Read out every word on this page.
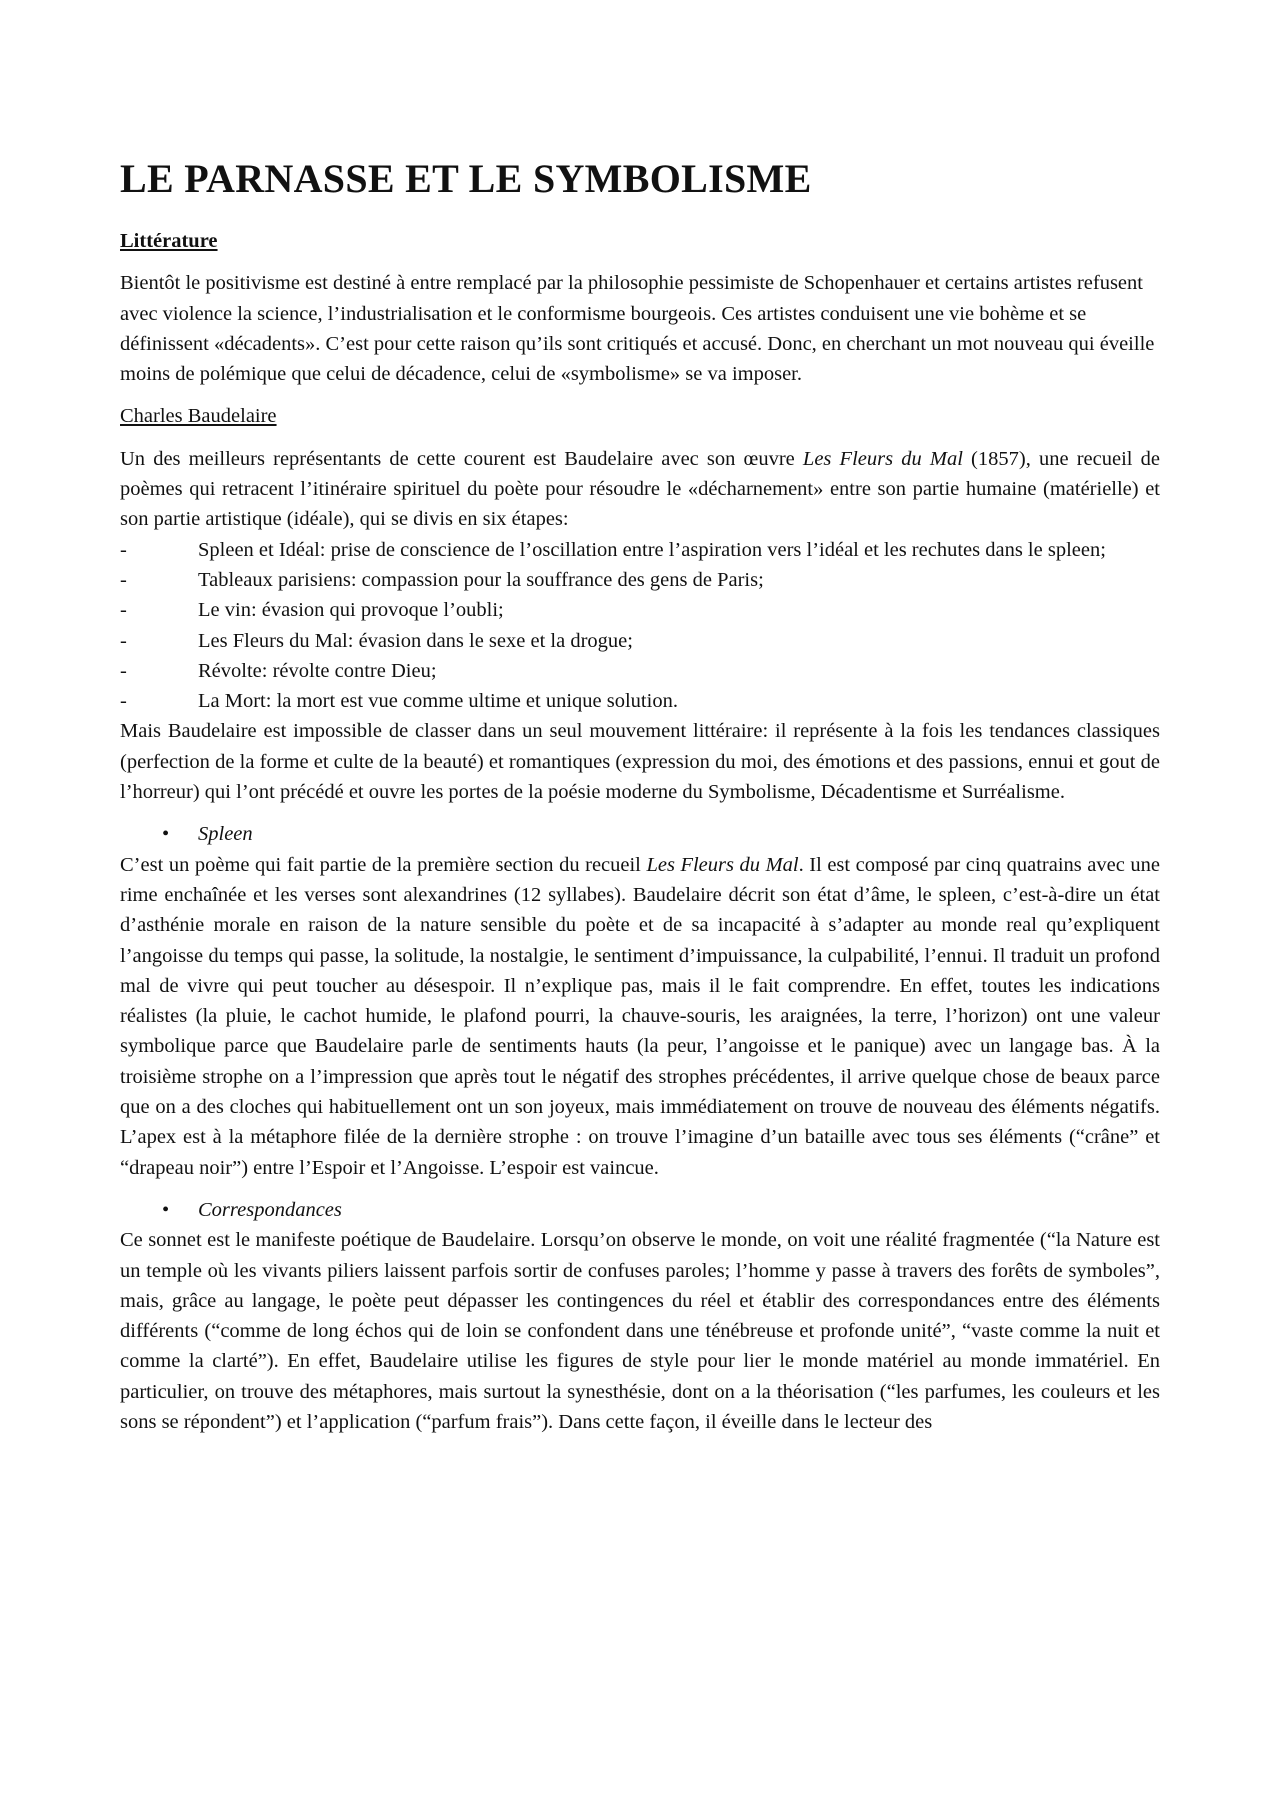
LE PARNASSE ET LE SYMBOLISME
Littérature

Bientôt le positivisme est destiné à entre remplacé par la philosophie pessimiste de Schopenhauer et certains artistes refusent avec violence la science, l’industrialisation et le conformisme bourgeois. Ces artistes conduisent une vie bohème et se définissent «décadents». C’est pour cette raison qu’ils sont critiqués et accusé. Donc, en cherchant un mot nouveau qui éveille moins de polémique que celui de décadence, celui de «symbolisme» se va imposer.

Charles Baudelaire

Un des meilleurs représentants de cette courent est Baudelaire avec son œuvre Les Fleurs du Mal (1857), une recueil de poèmes qui retracent l’itinéraire spirituel du poète pour résoudre le «décharnement» entre son partie humaine (matérielle) et son partie artistique (idéale), qui se divis en six étapes:

-	Spleen et Idéal: prise de conscience de l’oscillation entre l’aspiration vers l’idéal et les rechutes dans le spleen;
-	Tableaux parisiens: compassion pour la souffrance des gens de Paris;
-	Le vin: évasion qui provoque l’oubli;
-	Les Fleurs du Mal: évasion dans le sexe et la drogue;
-	Révolte: révolte contre Dieu;
-	La Mort: la mort est vue comme ultime et unique solution.

Mais Baudelaire est impossible de classer dans un seul mouvement littéraire: il représente à la fois les tendances classiques (perfection de la forme et culte de la beauté) et romantiques (expression du moi, des émotions et des passions, ennui et gout de l’horreur) qui l’ont précédé et ouvre les portes de la poésie moderne du Symbolisme, Décadentisme et Surréalisme.

•	Spleen

C’est un poème qui fait partie de la première section du recueil Les Fleurs du Mal. Il est composé par cinq quatrains avec une rime enchaînée et les verses sont alexandrines (12 syllabes). Baudelaire décrit son état d’âme, le spleen, c’est-à-dire un état d’asthénie morale en raison de la nature sensible du poète et de sa incapacité à s’adapter au monde real qu’expliquent l’angoisse du temps qui passe, la solitude, la nostalgie, le sentiment d’impuissance, la culpabilité, l’ennui. Il traduit un profond mal de vivre qui peut toucher au désespoir. Il n’explique pas, mais il le fait comprendre. En effet, toutes les indications réalistes (la pluie, le cachot humide, le plafond pourri, la chauve-souris, les araignées, la terre, l’horizon) ont une valeur symbolique parce que Baudelaire parle de sentiments hauts (la peur, l’angoisse et le panique) avec un langage bas. À la troisième strophe on a l’impression que après tout le négatif des strophes précédentes, il arrive quelque chose de beaux parce que on a des cloches qui habituellement ont un son joyeux, mais immédiatement on trouve de nouveau des éléments négatifs. L’apex est à la métaphore filée de la dernière strophe : on trouve l’imagine d’un bataille avec tous ses éléments (“crâne” et “drapeau noir”) entre l’Espoir et l’Angoisse. L’espoir est vaincue.

•	Correspondances

Ce sonnet est le manifeste poétique de Baudelaire. Lorsqu’on observe le monde, on voit une réalité fragmentée (“la Nature est un temple où les vivants piliers laissent parfois sortir de confuses paroles; l’homme y passe à travers des forêts de symboles”, mais, grâce au langage, le poète peut dépasser les contingences du réel et établir des correspondances entre des éléments différents (“comme de long échos qui de loin se confondent dans une ténébreuse et profonde unité”, “vaste comme la nuit et comme la clarté”). En effet, Baudelaire utilise les figures de style pour lier le monde matériel au monde immatériel. En particulier, on trouve des métaphores, mais surtout la synesthésie, dont on a la théorisation (“les parfumes, les couleurs et les sons se répondent”) et l’application (“parfum frais”). Dans cette façon, il éveille dans le lecteur des
